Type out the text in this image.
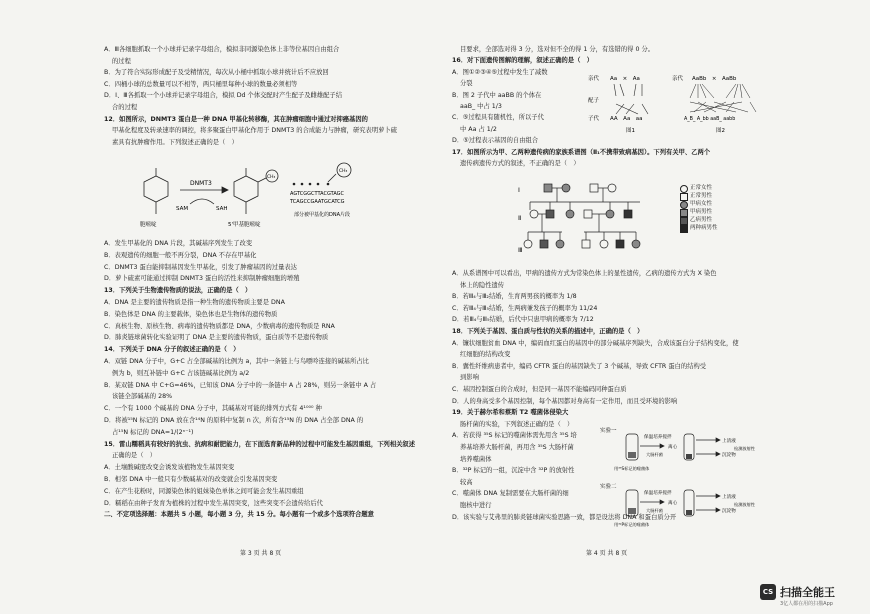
A．Ⅲ各细胞抓取一个小球并记录字母组合，模拟非同源染色体上非等位基因自由组合
的过程
B．为了符合实际形成配子及受精情况，每次从小桶中抓取小球并统计后不应放回
C．四桶小球的总数量可以不相等，两只桶里每种小球的数量必须相等
D．Ⅰ、Ⅲ各抓取一个小球并记录字母组合，模拟 Dd 个体交配时产生配子及雌雄配子结
合的过程
12．如图所示，DNMT3 蛋白是一种 DNA 甲基化转移酶，其在肿瘤细胞中通过对抑癌基因的
甲基化程度及转录速率的调控，将多聚蛋白甲基化作用于 DNMT3 的合成能力与肿瘤，研究表明萝卜硫
素具有抗肿瘤作用。下列叙述正确的是（　）
A．发生甲基化的 DNA 片段，其碱基序列发生了改变
B．表观遗传的细胞一般不再分裂，DNA 不存在甲基化
C．DNMT3 蛋白能抑制基因发生甲基化，引发了肿瘤基因的过量表达
D．萝卜硫素可能通过抑制 DNMT3 蛋白的活性来抑制肿瘤细胞的增殖
13．下列关于生物遗传物质的说法，正确的是（　）
A．DNA 是主要的遗传物质是指一种生物的遗传物质主要是 DNA
B．染色体是 DNA 的主要载体，染色体也是生物体的遗传物质
C．真核生物、原核生物、病毒的遗传物质都是 DNA，少数病毒的遗传物质是 RNA
D．肺炎链球菌转化实验证明了 DNA 是主要的遗传物质，蛋白质等不是遗传物质
14．下列关于 DNA 分子的叙述正确的是（　）
A．双链 DNA 分子中，G+C 占全部碱基的比例为 a，其中一条链上与鸟嘌呤连接的碱基所占比
例为 b，则互补链中 G+C 占该链碱基比例为 a/2
B．某双链 DNA 中 C+G=46%，已知该 DNA 分子中的一条链中 A 占 28%，则另一条链中 A 占
该链全部碱基的 28%
C．一个有 1000 个碱基的 DNA 分子中，其碱基对可能的排列方式有 4¹⁰⁰⁰ 种
D．将被¹⁵N 标记的 DNA 放在含¹⁴N 的原料中复制 n 次，所有含¹⁵N 的 DNA 占全部 DNA 的
占¹⁵N 标记的 DNA=1/(2ⁿ⁻¹)
15．雷山糯稻具有较好的抗虫、抗病和耐肥能力，在下面选育新品种的过程中可能发生基因重组，下列相关叙述
正确的是（　）
A．土壤酸碱度改变会诱发该植物发生基因突变
B．相邻 DNA 中一般只有少数碱基对的改变就会引发基因突变
C．在产生花粉时，同源染色体的姐妹染色单体之间可能会发生基因重组
D．糯稻在由种子发育为植株的过程中发生基因突变，这些突变不会遗传给后代
二、不定项选择题：本题共 5 小题，每小题 3 分，共 15 分。每小题有一个或多个选项符合题意
DNMT3
SAM	SAH
CH₃
CH₃
胞嘧啶	5'甲基胞嘧啶
AGTCGGCTTACGTAGC
TCAGCCGAATGCATCG
部分被甲基化的DNA片段
第 3 页 共 8 页
目要求，全部选对得 3 分，选对但不全的得 1 分，有选错的得 0 分。
16．对下面遗传图解的理解，叙述正确的是（　）
A．图①②③④⑤过程中发生了减数
分裂
B．图 2 子代中 aaBB 的个体在
aaB_ 中占 1/3
C．⑤过程具有随机性，所以子代
中 Aa 占 1/2
D．⑤过程表示基因的自由组合
17．如图所示为甲、乙两种遗传病的家族系谱图（Ⅱ₁不携带致病基因）。下列有关甲、乙两个
遗传病遗传方式的叙述，不正确的是（　）
A．从系谱图中可以看出，甲病的遗传方式为常染色体上的显性遗传，乙病的遗传方式为 X 染色
体上的隐性遗传
B．若Ⅲ₄与Ⅲ₂结婚，生育两男孩的概率为 1/8
C．若Ⅲ₄与Ⅲ₅结婚，生两病兼发孩子的概率为 11/24
D．若Ⅲ₄与Ⅲ₅结婚，后代中只患甲病的概率为 7/12
18．下列关于基因、蛋白质与性状的关系的描述中，正确的是（　）
A．镰状细胞贫血 DNA 中，编码血红蛋白的基因中的部分碱基序列缺失，合成该蛋白分子结构变化，使
红细胞的结构改变
B．囊性纤维病患者中，编码 CFTR 蛋白的基因缺失了 3 个碱基，导致 CFTR 蛋白的结构受
到影响
C．基因控制蛋白的合成时，但是同一基因不能编码同种蛋白质
D．人的身高受多个基因控制，每个基因都对身高有一定作用，而且受环境的影响
19．关于赫尔希和蔡斯 T2 噬菌体侵染大
肠杆菌的实验，下列叙述正确的是（　）
A．若获得 ³⁵S 标记的噬菌体需先用含 ³⁵S 培
养基培养大肠杆菌，再用含 ³⁵S 大肠杆菌
培养噬菌体
B．³²P 标记的一组，沉淀中含 ³²P 的放射性
较高
C．噬菌体 DNA 复制需要在大肠杆菌的细
胞核中进行
D．该实验与艾弗里的肺炎链球菌实验思路一致，都是设法将 DNA 和蛋白质分开
亲代 Aa　×　Aa
配子
子代 AA　Aa　aa
图1
亲代 AaBb　×　AaBb
A_B_ A_bb aaB_ aabb
图2
Ⅰ
Ⅱ
Ⅲ
正常女性
正常男性
甲病女性
甲病男性
乙病男性
两种病男性
实验一
实验二
保温培养搅拌
保温培养搅拌
离心
离心
上清液
沉淀物
上清液
沉淀物
检测放射性
检测放射性
用³⁵S标记的噬菌体
用³²P标记的噬菌体
大肠杆菌
大肠杆菌
第 4 页 共 8 页
CS 扫描全能王
3亿人都在用的扫描App
